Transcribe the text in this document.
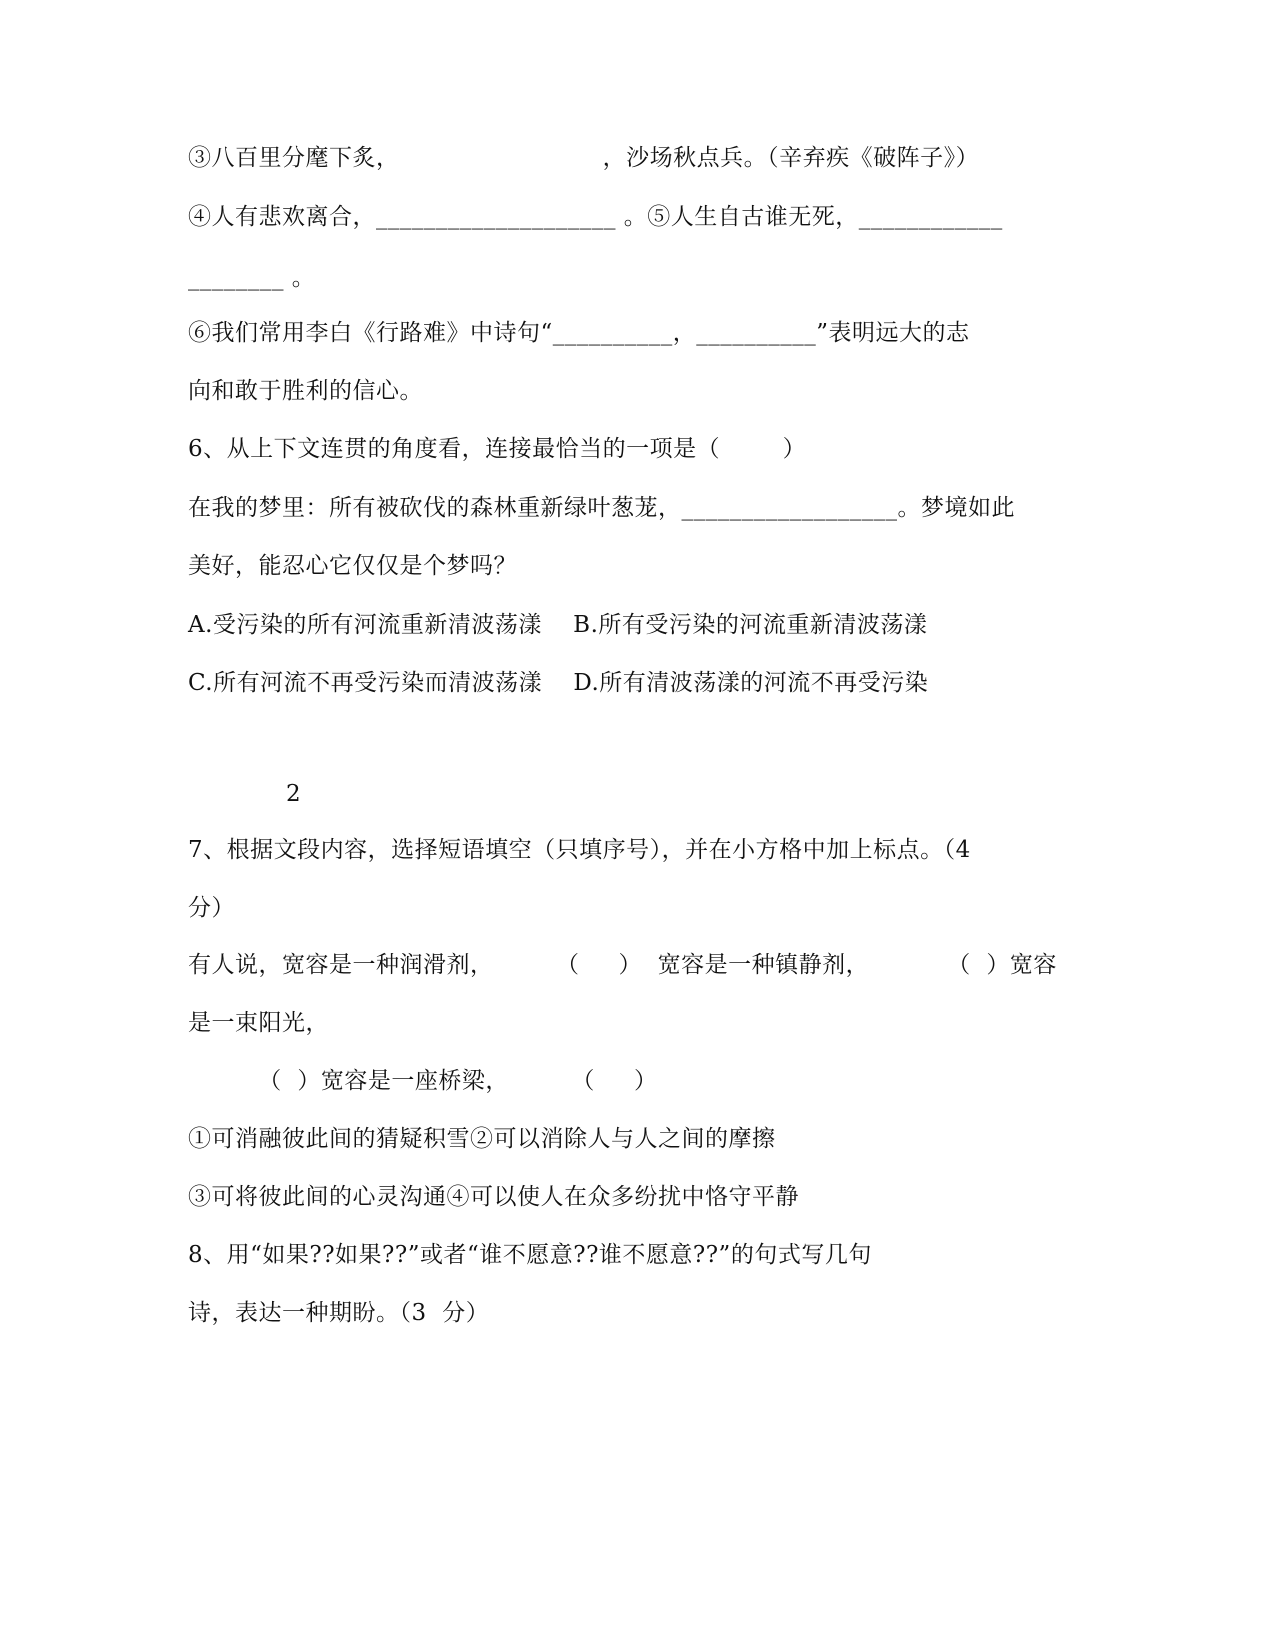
③八百里分麾下炙，                          ，沙场秋点兵。（辛弃疾《破阵子》）
④人有悲欢离合，____________________ 。⑤人生自古谁无死，____________
________ 。
⑥我们常用李白《行路难》中诗句“__________，__________”表明远大的志
向和敢于胜利的信心。
6、从上下文连贯的角度看，连接最恰当的一项是（        ）
在我的梦里：所有被砍伐的森林重新绿叶葱茏，__________________。梦境如此
美好，能忍心它仅仅是个梦吗？
A.受污染的所有河流重新清波荡漾    B.所有受污染的河流重新清波荡漾
C.所有河流不再受污染而清波荡漾    D.所有清波荡漾的河流不再受污染
2
7、根据文段内容，选择短语填空（只填序号），并在小方格中加上标点。（4
分）
有人说，宽容是一种润滑剂，        （     ）  宽容是一种镇静剂，          （  ）宽容
是一束阳光，
（  ）宽容是一座桥梁，        （     ）
①可消融彼此间的猜疑积雪②可以消除人与人之间的摩擦
③可将彼此间的心灵沟通④可以使人在众多纷扰中恪守平静
8、用“如果??如果??”或者“谁不愿意??谁不愿意??”的句式写几句
诗，表达一种期盼。（3  分）
